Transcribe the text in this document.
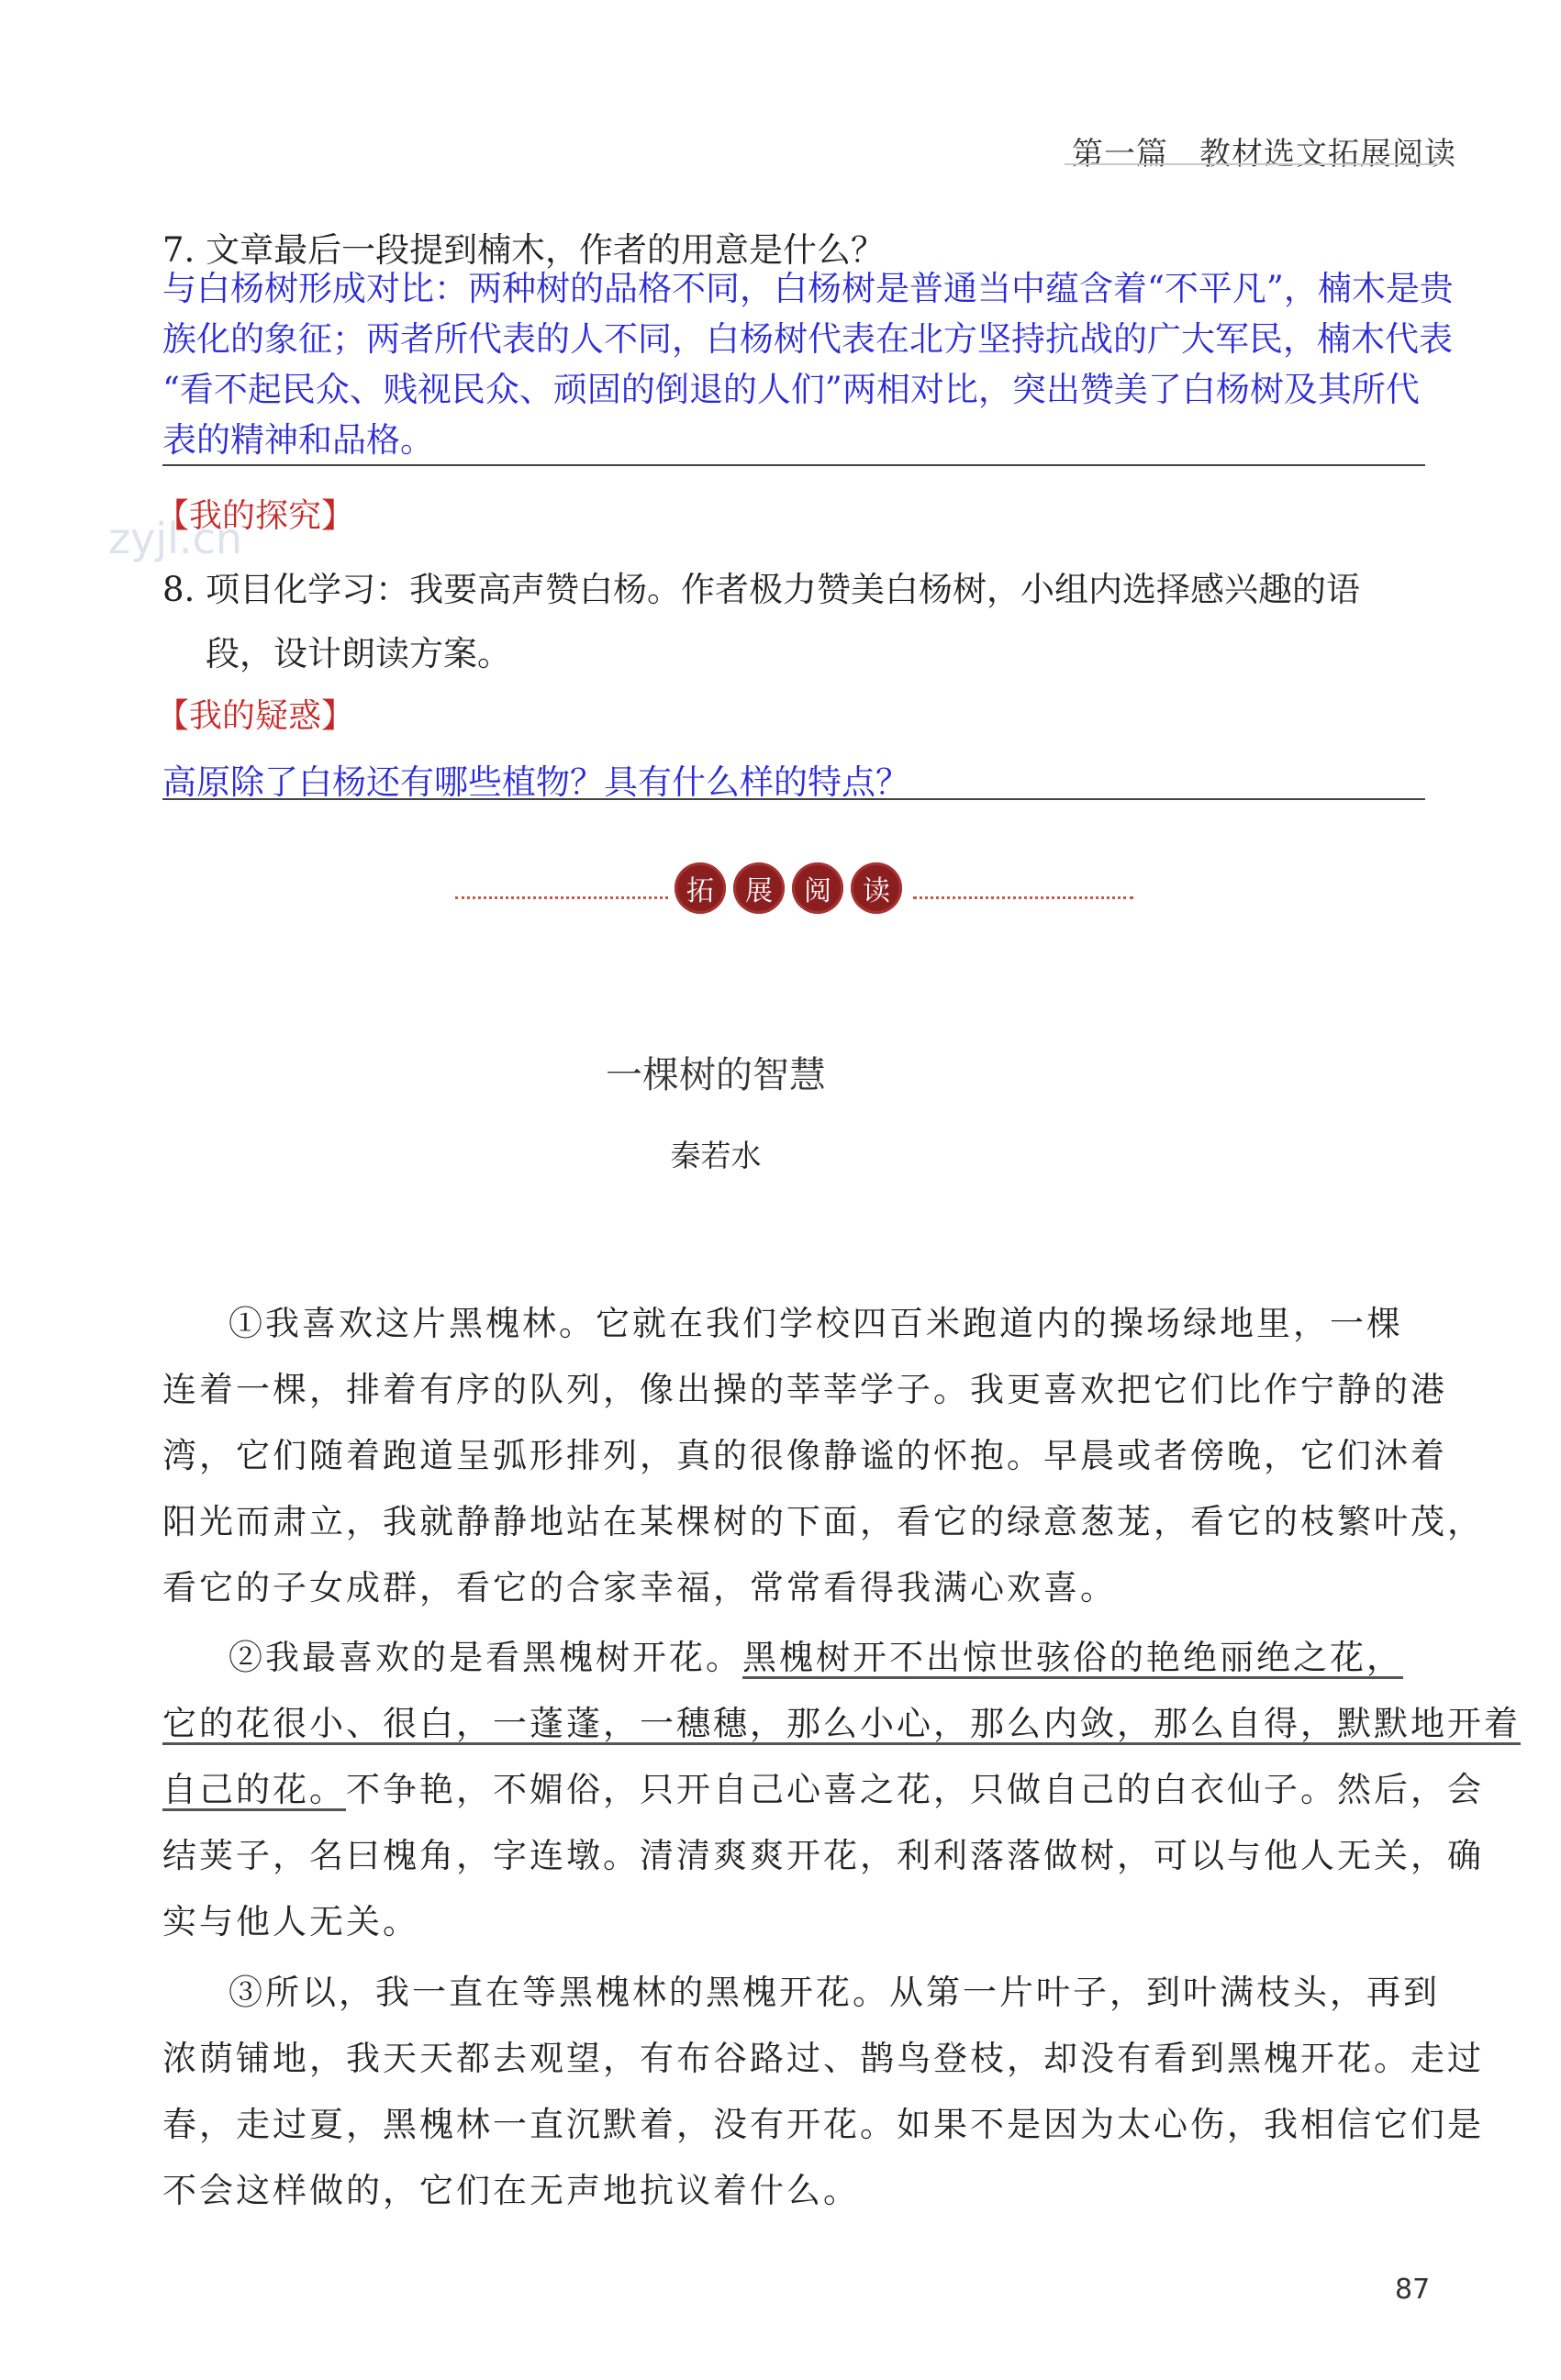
第一篇 教材选文拓展阅读
7. 文章最后一段提到楠木，作者的用意是什么？
与白杨树形成对比：两种树的品格不同，白杨树是普通当中蕴含着“不平凡”，楠木是贵
族化的象征；两者所代表的人不同，白杨树代表在北方坚持抗战的广大军民，楠木代表
“看不起民众、贱视民众、顽固的倒退的人们”两相对比，突出赞美了白杨树及其所代
表的精神和品格。
zyjl.cn
【我的探究】
8. 项目化学习：我要高声赞白杨。作者极力赞美白杨树，小组内选择感兴趣的语
段，设计朗读方案。
【我的疑惑】
高原除了白杨还有哪些植物？具有什么样的特点？
拓	展	阅	读
一棵树的智慧
秦若水
①我喜欢这片黑槐林。它就在我们学校四百米跑道内的操场绿地里，一棵
连着一棵，排着有序的队列，像出操的莘莘学子。我更喜欢把它们比作宁静的港
湾，它们随着跑道呈弧形排列，真的很像静谧的怀抱。早晨或者傍晚，它们沐着
阳光而肃立，我就静静地站在某棵树的下面，看它的绿意葱茏，看它的枝繁叶茂，
看它的子女成群，看它的合家幸福，常常看得我满心欢喜。
②我最喜欢的是看黑槐树开花。黑槐树开不出惊世骇俗的艳绝丽绝之花，
它的花很小、很白，一蓬蓬，一穗穗，那么小心，那么内敛，那么自得，默默地开着
自己的花。不争艳，不媚俗，只开自己心喜之花，只做自己的白衣仙子。然后，会
结荚子，名曰槐角，字连墩。清清爽爽开花，利利落落做树，可以与他人无关，确
实与他人无关。
③所以，我一直在等黑槐林的黑槐开花。从第一片叶子，到叶满枝头，再到
浓荫铺地，我天天都去观望，有布谷路过、鹊鸟登枝，却没有看到黑槐开花。走过
春，走过夏，黑槐林一直沉默着，没有开花。如果不是因为太心伤，我相信它们是
不会这样做的，它们在无声地抗议着什么。
87
